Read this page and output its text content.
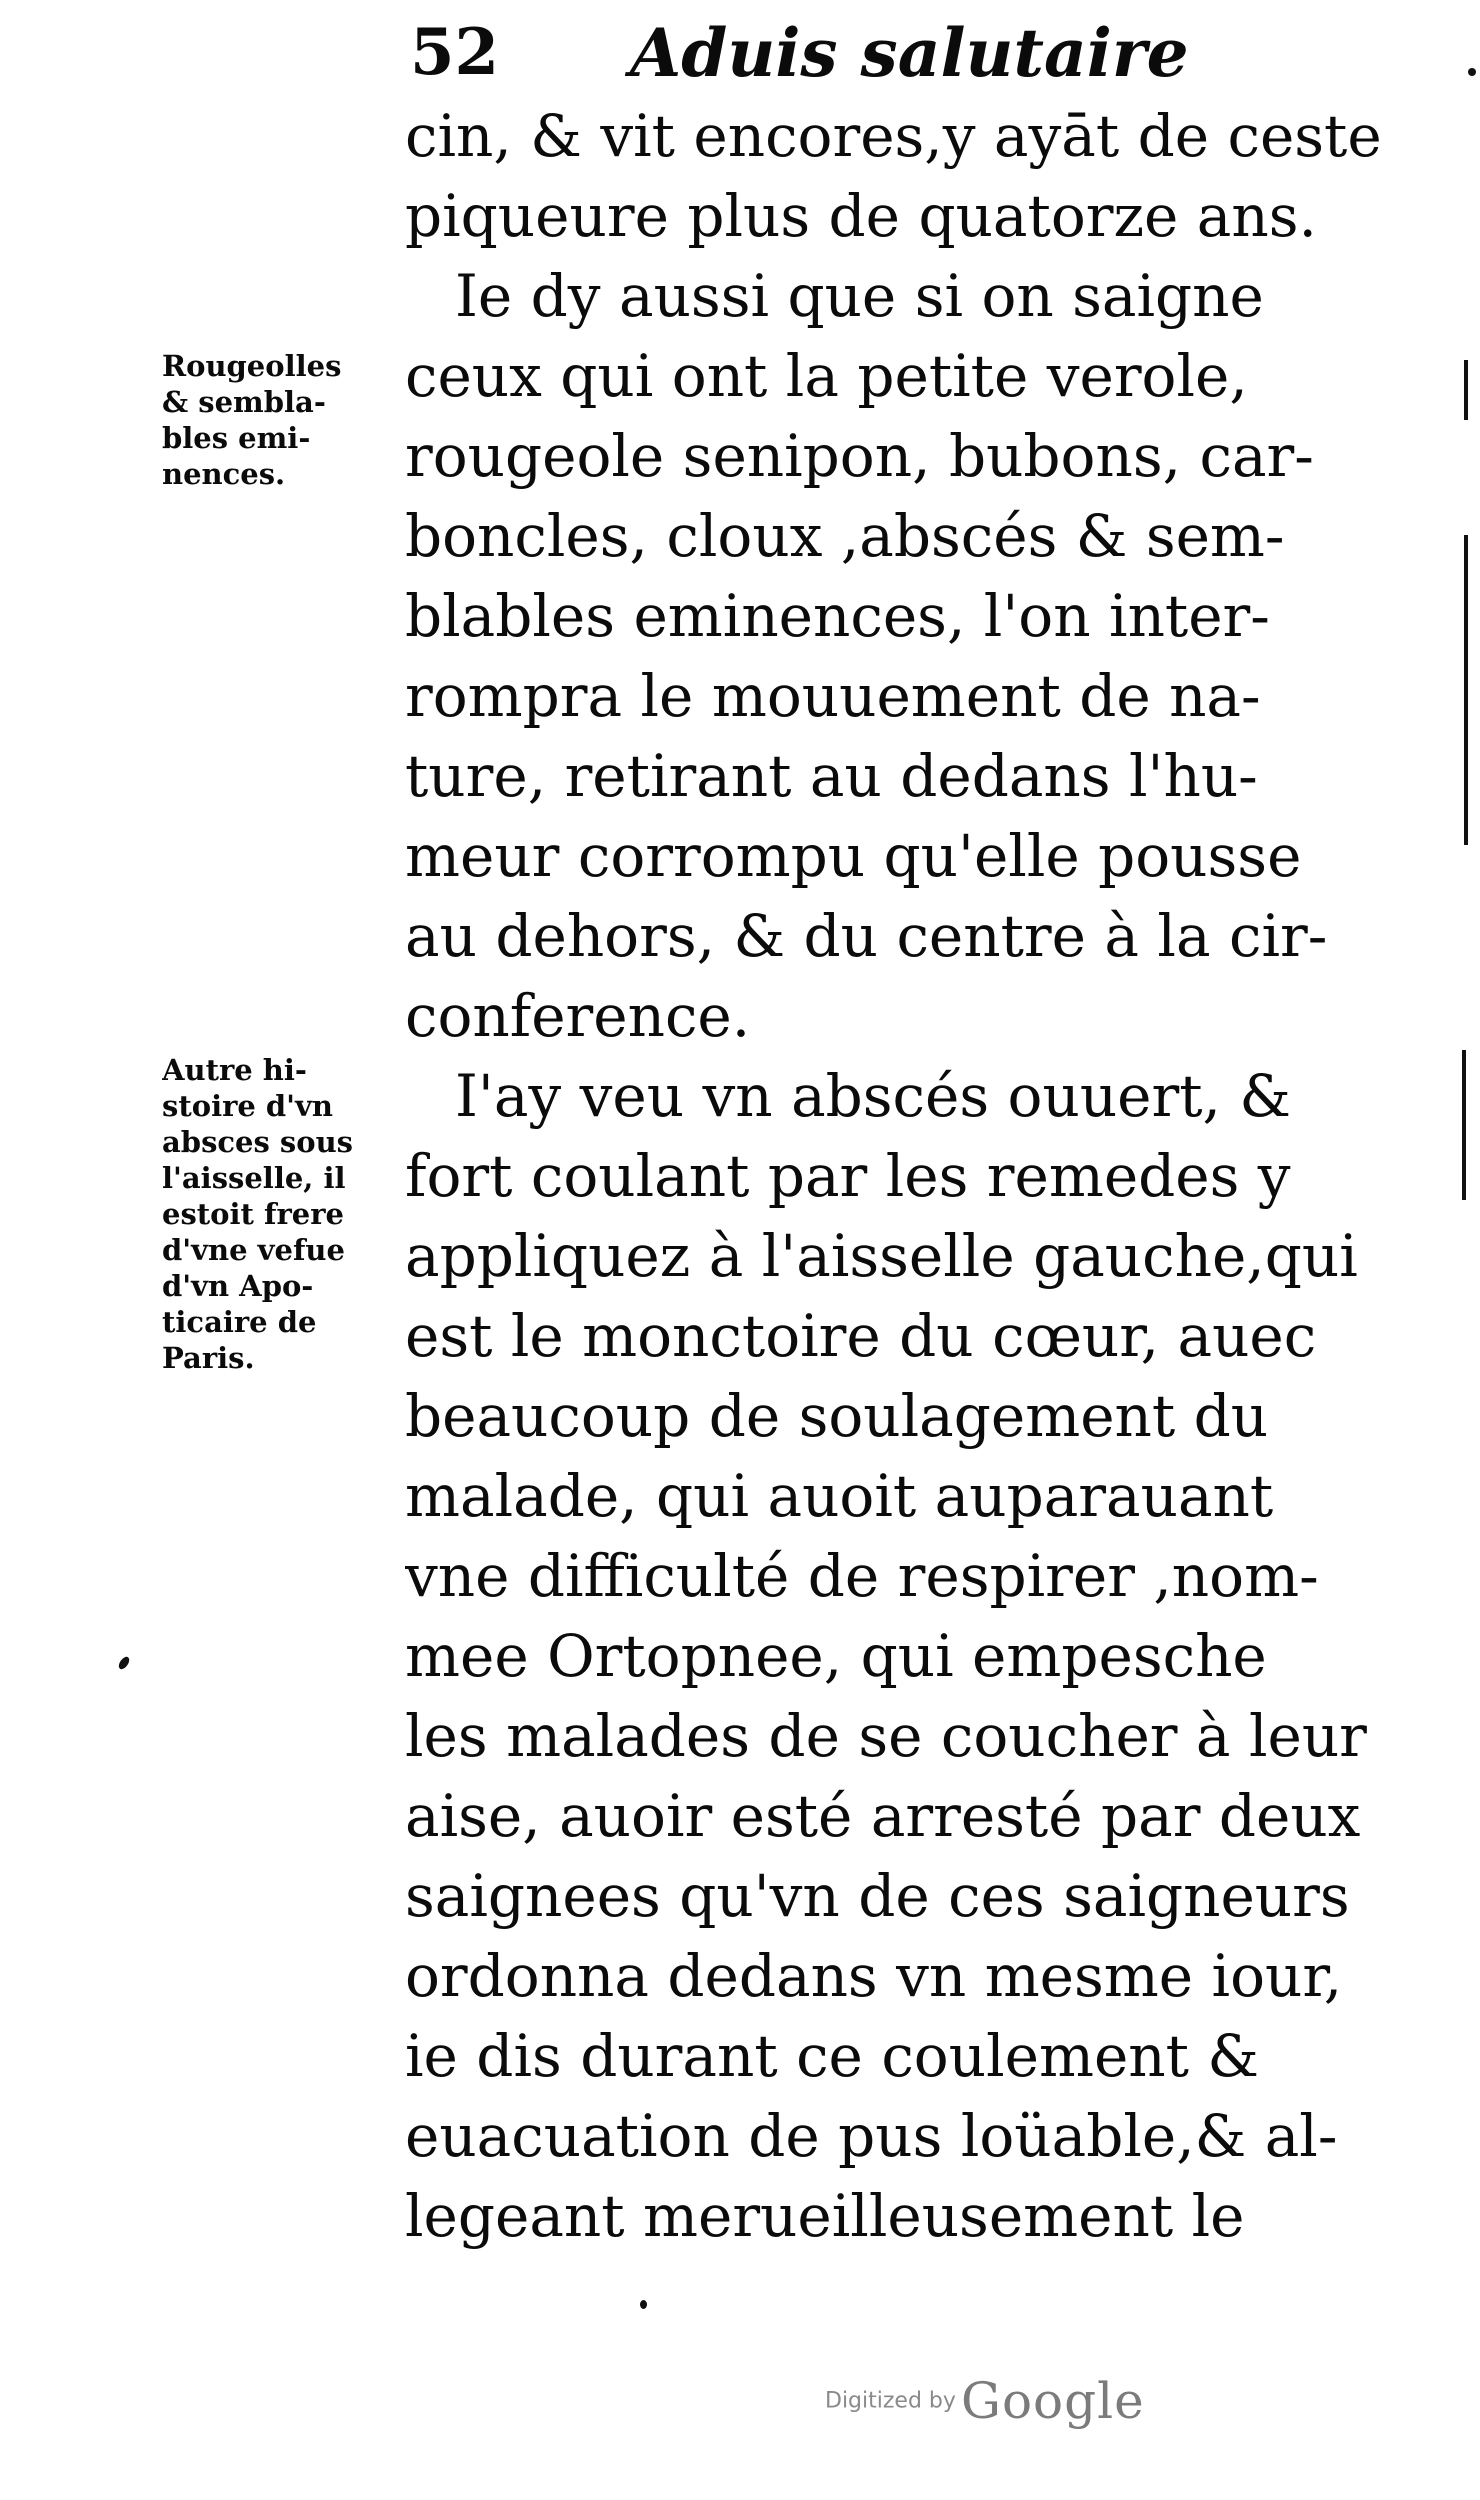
52 Aduis salutaire
Rougeolles
& sembla-
bles emi-
nences.
Autre hi-
stoire d'vn
absces sous
l'aisselle, il
estoit frere
d'vne vefue
d'vn Apo-
ticaire de
Paris.
cin, & vit encores,y ayāt de ceste
piqueure plus de quatorze ans.
Ie dy aussi que si on saigne
ceux qui ont la petite verole,
rougeole senipon, bubons, car-
boncles, cloux ,abscés & sem-
blables eminences, l'on inter-
rompra le mouuement de na-
ture, retirant au dedans l'hu-
meur corrompu qu'elle pousse
au dehors, & du centre à la cir-
conference.
I'ay veu vn abscés ouuert, &
fort coulant par les remedes y
appliquez à l'aisselle gauche,qui
est le monctoire du cœur, auec
beaucoup de soulagement du
malade, qui auoit auparauant
vne difficulté de respirer ,nom-
mee Ortopnee, qui empesche
les malades de se coucher à leur
aise, auoir esté arresté par deux
saignees qu'vn de ces saigneurs
ordonna dedans vn mesme iour,
ie dis durant ce coulement &
euacuation de pus loüable,& al-
legeant merueilleusement le
Digitized by Google
